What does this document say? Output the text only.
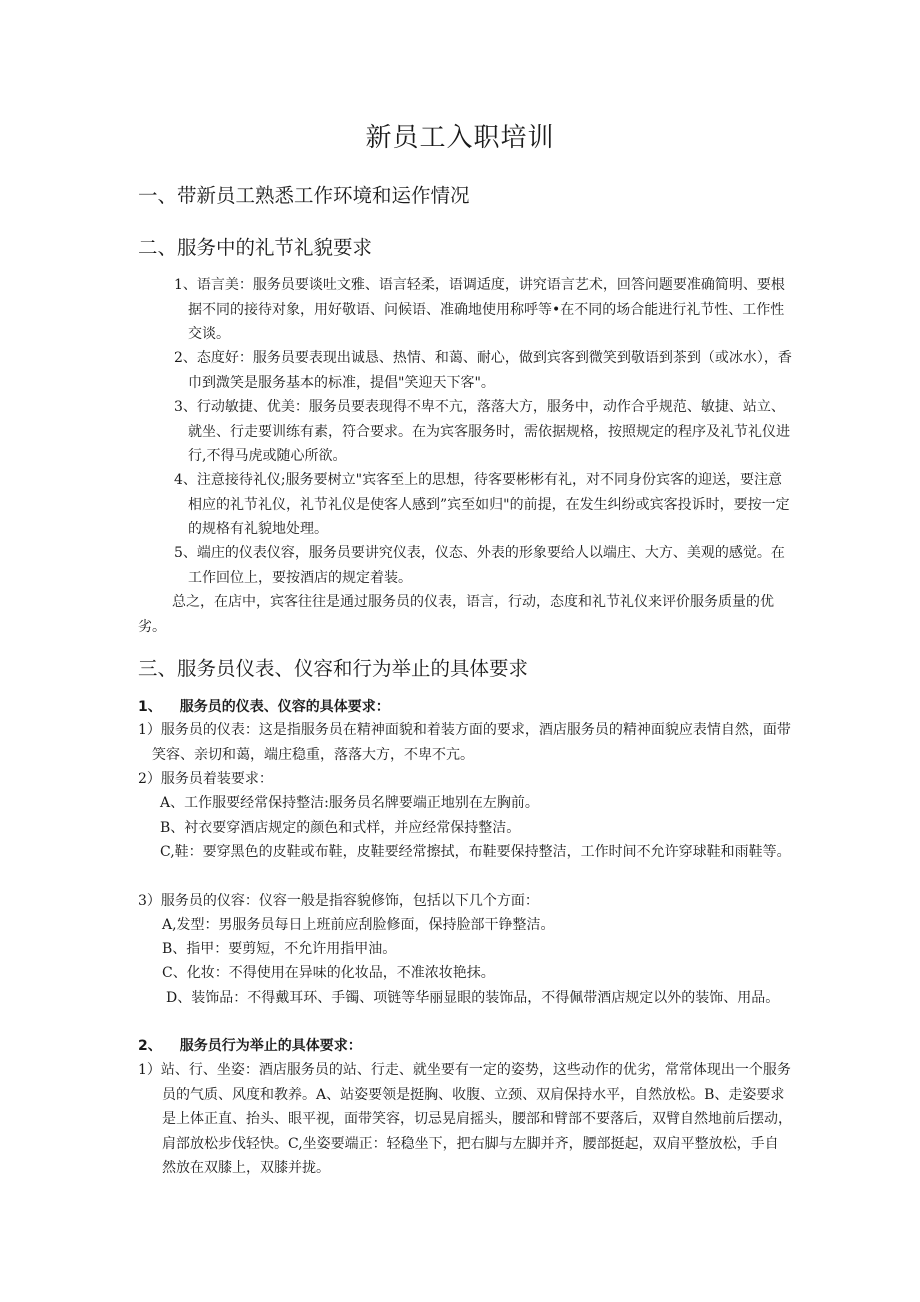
新员工入职培训
一、带新员工熟悉工作环境和运作情况
二、服务中的礼节礼貌要求

1、语言美：服务员要谈吐文雅、语言轻柔，语调适度，讲究语言艺术，回答问题要准确简明、要根据不同的接待对象，用好敬语、问候语、准确地使用称呼等•在不同的场合能进行礼节性、工作性交谈。

2、态度好：服务员要表现出诚恳、热情、和蔼、耐心，做到宾客到微笑到敬语到茶到（或冰水），香巾到溦笑是服务基本的标准，提倡"笑迎天下客"。

3、行动敏捷、优美：服务员要表现得不卑不亢，落落大方，服务中，动作合乎规范、敏捷、站立、就坐、行走要训练有素，符合要求。在为宾客服务时，需依据规格，按照规定的程序及礼节礼仪进行,不得马虎或随心所欲。

4、注意接待礼仪;服务要树立"宾客至上的思想，待客要彬彬有礼，对不同身份宾客的迎送，要注意相应的礼节礼仪，礼节礼仪是使客人感到”宾至如归"的前提，在发生纠纷或宾客投诉时，要按一定的规格有礼貌地处理。

5、端庄的仪表仪容，服务员要讲究仪表，仪态、外表的形象要给人以端庄、大方、美观的感觉。在工作回位上，要按酒店的规定着装。

总之，在店中，宾客往往是通过服务员的仪表，语言，行动，态度和礼节礼仪来评价服务质量的优劣。

三、服务员仪表、仪容和行为举止的具体要求
1、 服务员的仪表、仪容的具体要求：

1）服务员的仪表：这是指服务员在精神面貌和着装方面的要求，酒店服务员的精神面貌应表情自然，面带笑容、亲切和蔼，端庄稳重，落落大方，不卑不亢。

2）服务员着装要求：

A、工作服要经常保持整洁:服务员名牌要端正地别在左胸前。

B、衬衣要穿酒店规定的颜色和式样，并应经常保持整洁。

C,鞋：要穿黑色的皮鞋或布鞋，皮鞋要经常擦拭，布鞋要保持整洁，工作时间不允许穿球鞋和雨鞋等。

3）服务员的仪容：仪容一般是指容貌修饰，包括以下几个方面：

A,发型：男服务员每日上班前应刮脸修面，保持脸部干铮整洁。

B、指甲：要剪短，不允许用指甲油。

C、化妆：不得使用在异味的化妆品，不准浓妆艳抹。

D、装饰品：不得戴耳环、手镯、项链等华丽显眼的装饰品，不得佩带酒店规定以外的装饰、用品。

2、 服务员行为举止的具体要求：

1）站、行、坐姿：酒店服务员的站、行走、就坐要有一定的姿势，这些动作的优劣，常常体现出一个服务员的气质、风度和教养。A、站姿要领是挺胸、收腹、立颈、双肩保持水平，自然放松。B、走姿要求是上体正直、抬头、眼平视，面带笑容，切忌晃肩摇头，腰部和臂部不要落后，双臂自然地前后摆动，肩部放松步伐轻快。C,坐姿要端正：轻稳坐下，把右脚与左脚并齐，腰部挺起，双肩平整放松，手自然放在双膝上，双膝并拢。
